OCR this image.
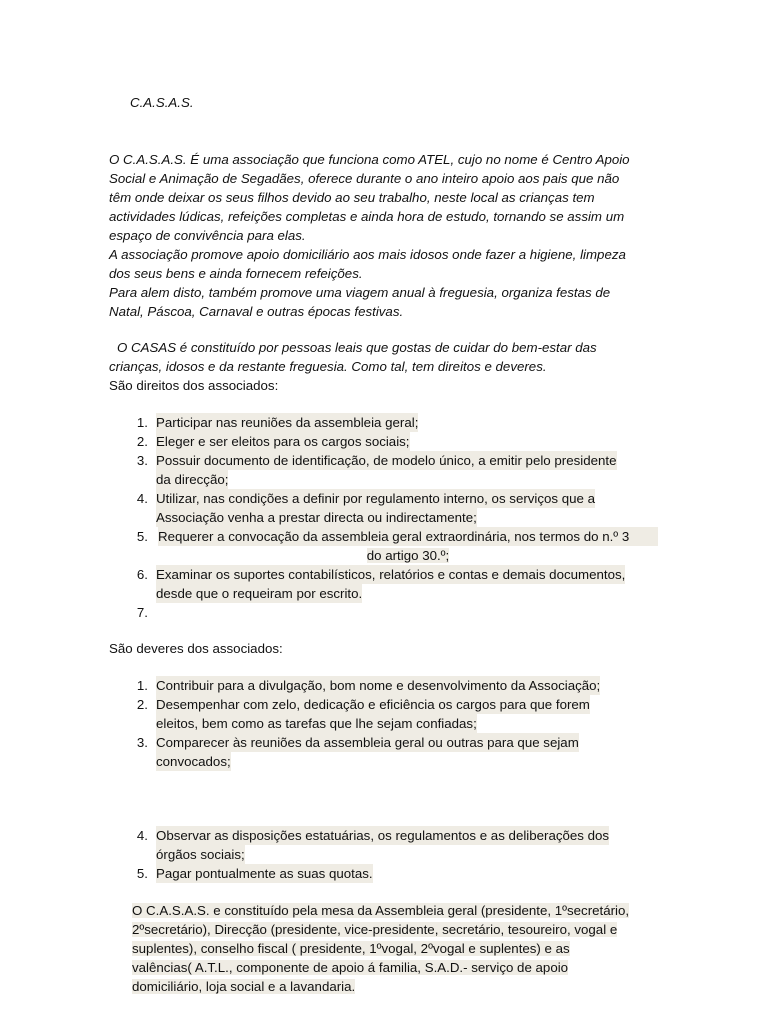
C.A.S.A.S.
O C.A.S.A.S. É uma associação que funciona como ATEL, cujo no nome é Centro Apoio
Social e Animação de Segadães, oferece durante o ano inteiro apoio aos pais que não
têm onde deixar os seus filhos devido ao seu trabalho, neste local as crianças tem
actividades lúdicas, refeições completas e ainda hora de estudo, tornando se assim um
espaço de convivência para elas.
A associação promove apoio domiciliário aos mais idosos onde fazer a higiene, limpeza
dos seus bens e ainda fornecem refeições.
Para alem disto, também promove uma viagem anual à freguesia, organiza festas de
Natal, Páscoa, Carnaval e outras épocas festivas.
O CASAS é constituído por pessoas leais que gostas de cuidar do bem-estar das
crianças, idosos e da restante freguesia. Como tal, tem direitos e deveres.
São direitos dos associados:
1. Participar nas reuniões da assembleia geral;
2. Eleger e ser eleitos para os cargos sociais;
3. Possuir documento de identificação, de modelo único, a emitir pelo presidente
da direcção;
4. Utilizar, nas condições a definir por regulamento interno, os serviços que a
Associação venha a prestar directa ou indirectamente;
5. Requerer a convocação da assembleia geral extraordinária, nos termos do n.º 3
do artigo 30.º;
6. Examinar os suportes contabilísticos, relatórios e contas e demais documentos,
desde que o requeiram por escrito.
7.
São deveres dos associados:
1. Contribuir para a divulgação, bom nome e desenvolvimento da Associação;
2. Desempenhar com zelo, dedicação e eficiência os cargos para que forem
eleitos, bem como as tarefas que lhe sejam confiadas;
3. Comparecer às reuniões da assembleia geral ou outras para que sejam
convocados;
4. Observar as disposições estatuárias, os regulamentos e as deliberações dos
órgãos sociais;
5. Pagar pontualmente as suas quotas.
O C.A.S.A.S. e constituído pela mesa da Assembleia geral (presidente, 1ºsecretário,
2ºsecretário), Direcção (presidente, vice-presidente, secretário, tesoureiro, vogal e
suplentes), conselho fiscal ( presidente, 1ºvogal, 2ºvogal e suplentes) e as
valências( A.T.L., componente de apoio á familia, S.A.D.- serviço de apoio
domiciliário, loja social e a lavandaria.
